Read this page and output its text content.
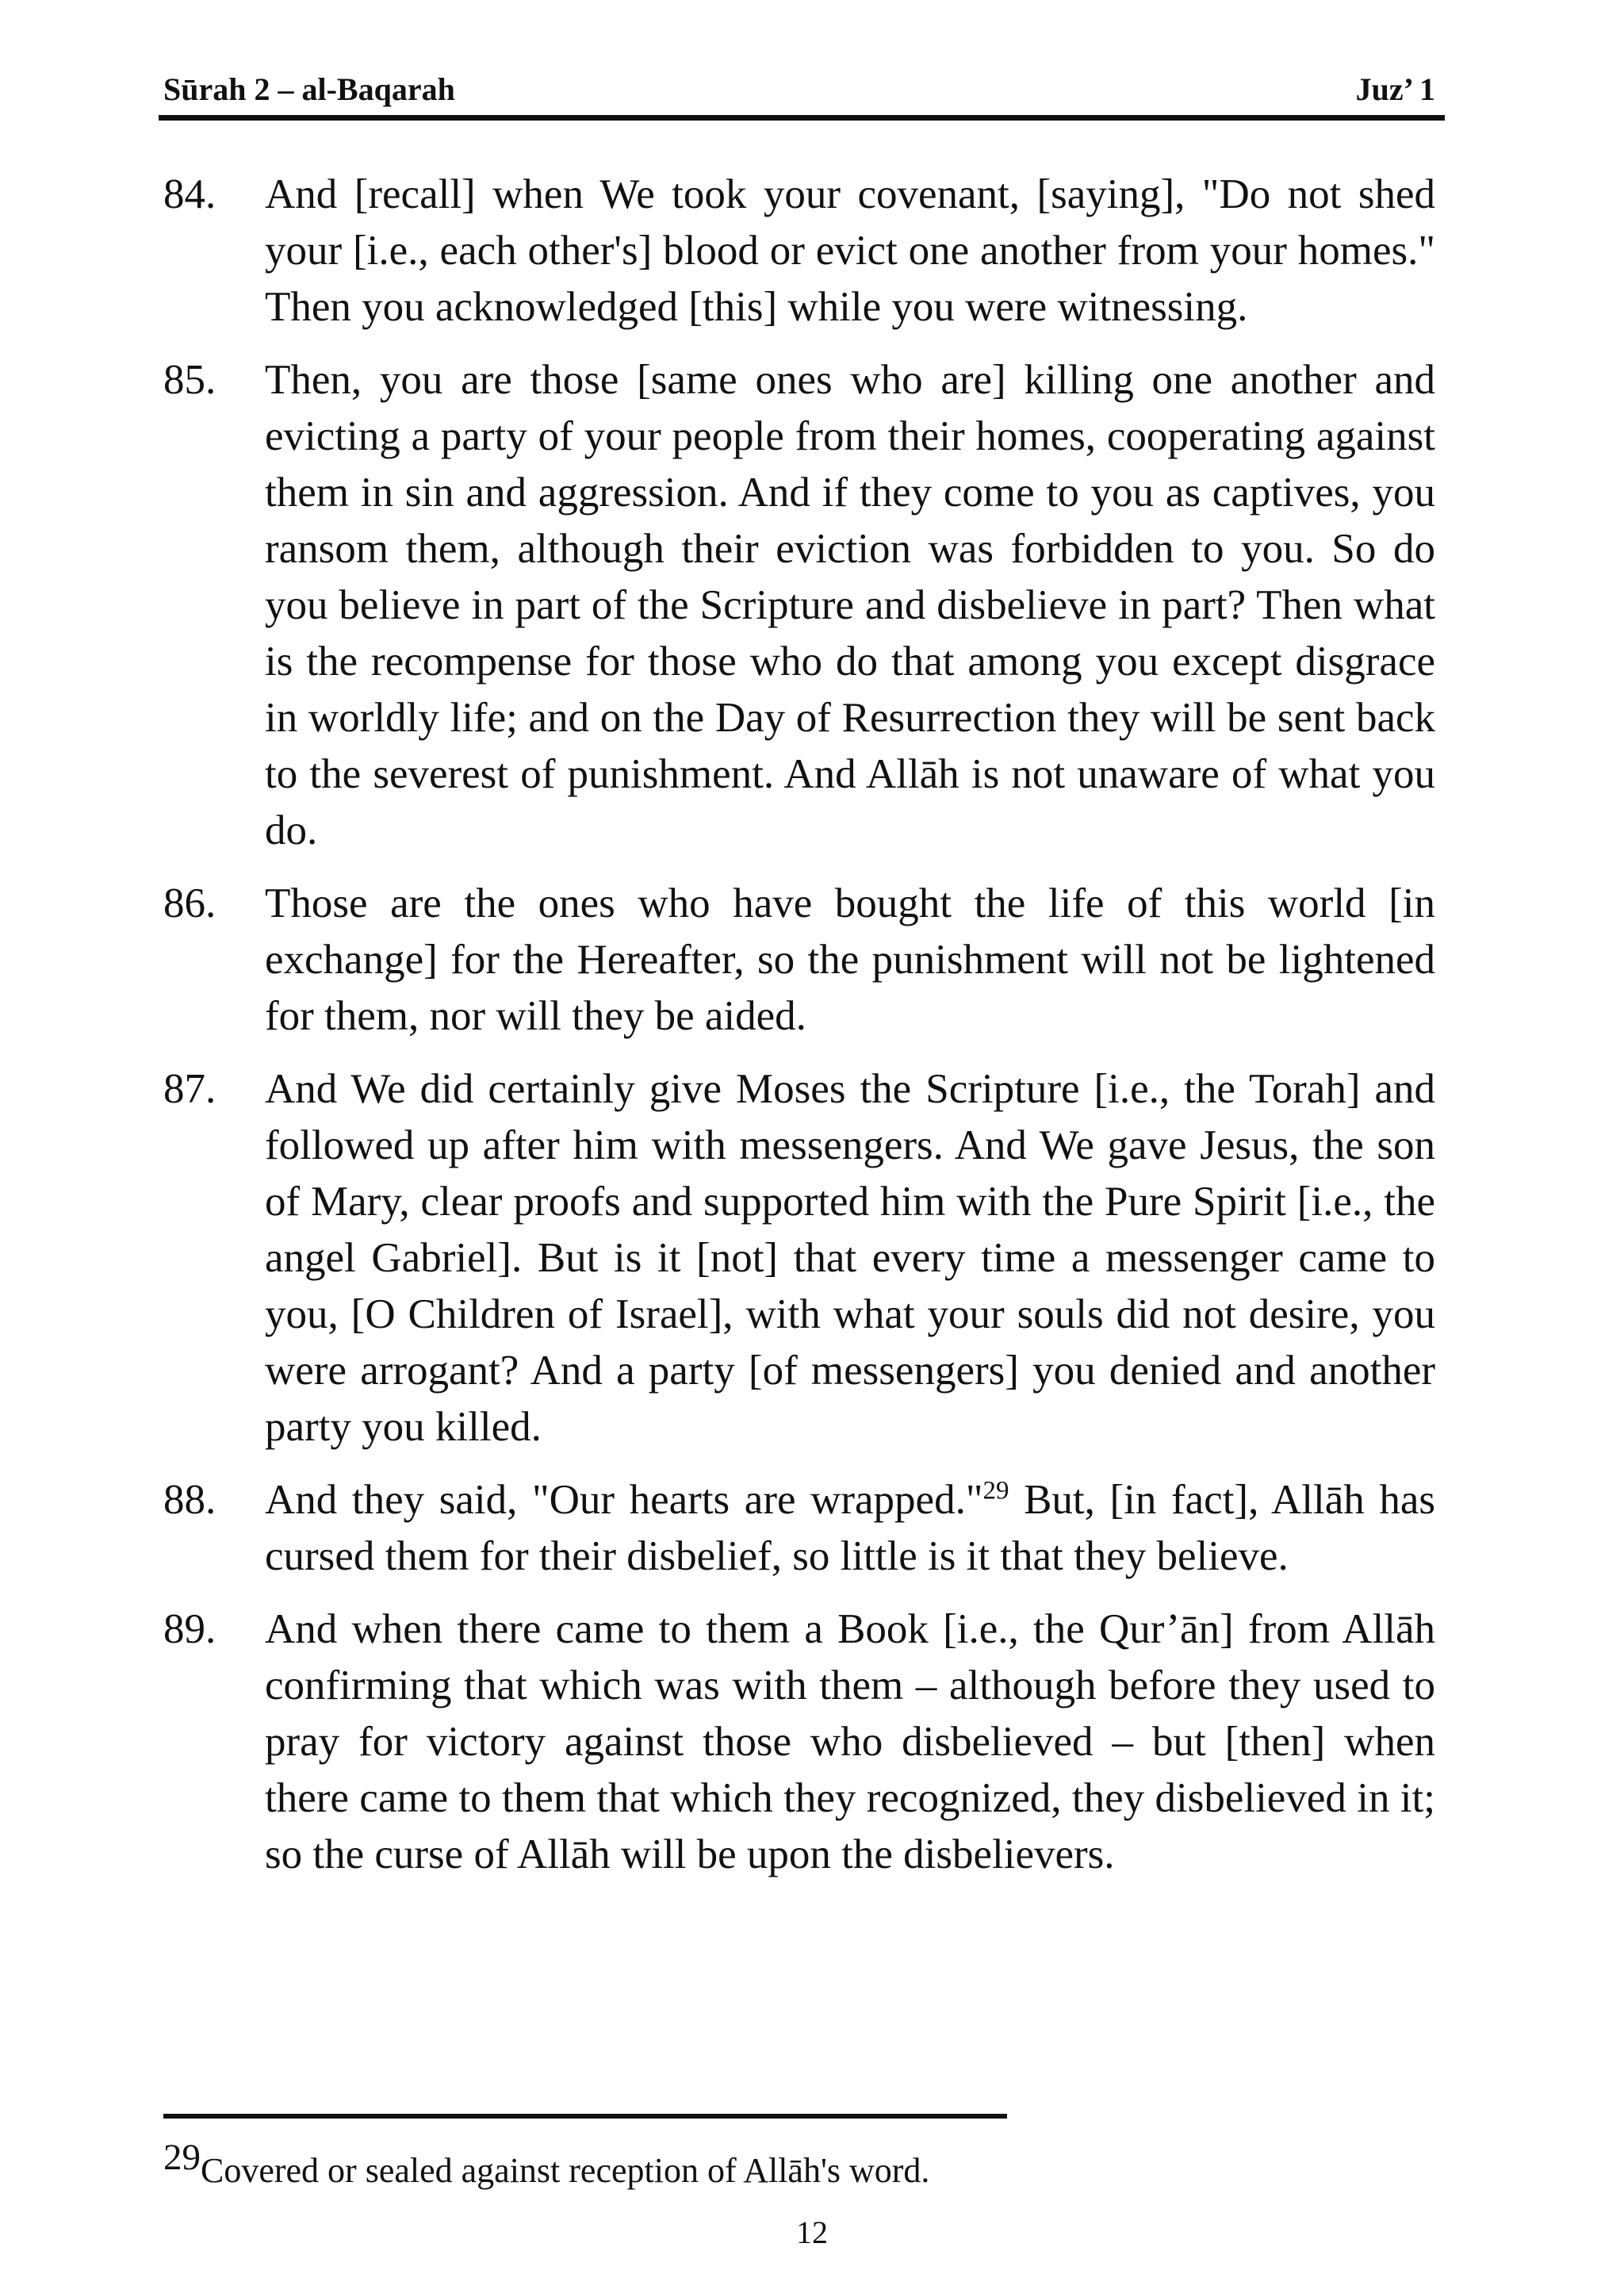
Sūrah 2 – al-Baqarah	Juz’ 1
84.	And [recall] when We took your covenant, [saying], "Do not shed your [i.e., each other's] blood or evict one another from your homes." Then you acknowledged [this] while you were witnessing.
85.	Then, you are those [same ones who are] killing one another and evicting a party of your people from their homes, cooperating against them in sin and aggression. And if they come to you as captives, you ransom them, although their eviction was forbidden to you. So do you believe in part of the Scripture and disbelieve in part? Then what is the recompense for those who do that among you except disgrace in worldly life; and on the Day of Resurrection they will be sent back to the severest of punishment. And Allāh is not unaware of what you do.
86.	Those are the ones who have bought the life of this world [in exchange] for the Hereafter, so the punishment will not be lightened for them, nor will they be aided.
87.	And We did certainly give Moses the Scripture [i.e., the Torah] and followed up after him with messengers. And We gave Jesus, the son of Mary, clear proofs and supported him with the Pure Spirit [i.e., the angel Gabriel]. But is it [not] that every time a messenger came to you, [O Children of Israel], with what your souls did not desire, you were arrogant? And a party [of messengers] you denied and another party you killed.
88.	And they said, "Our hearts are wrapped."$^{29}$ But, [in fact], Allāh has cursed them for their disbelief, so little is it that they believe.
89.	And when there came to them a Book [i.e., the Qur’ān] from Allāh confirming that which was with them – although before they used to pray for victory against those who disbelieved – but [then] when there came to them that which they recognized, they disbelieved in it; so the curse of Allāh will be upon the disbelievers.
29Covered or sealed against reception of Allāh's word.
12
